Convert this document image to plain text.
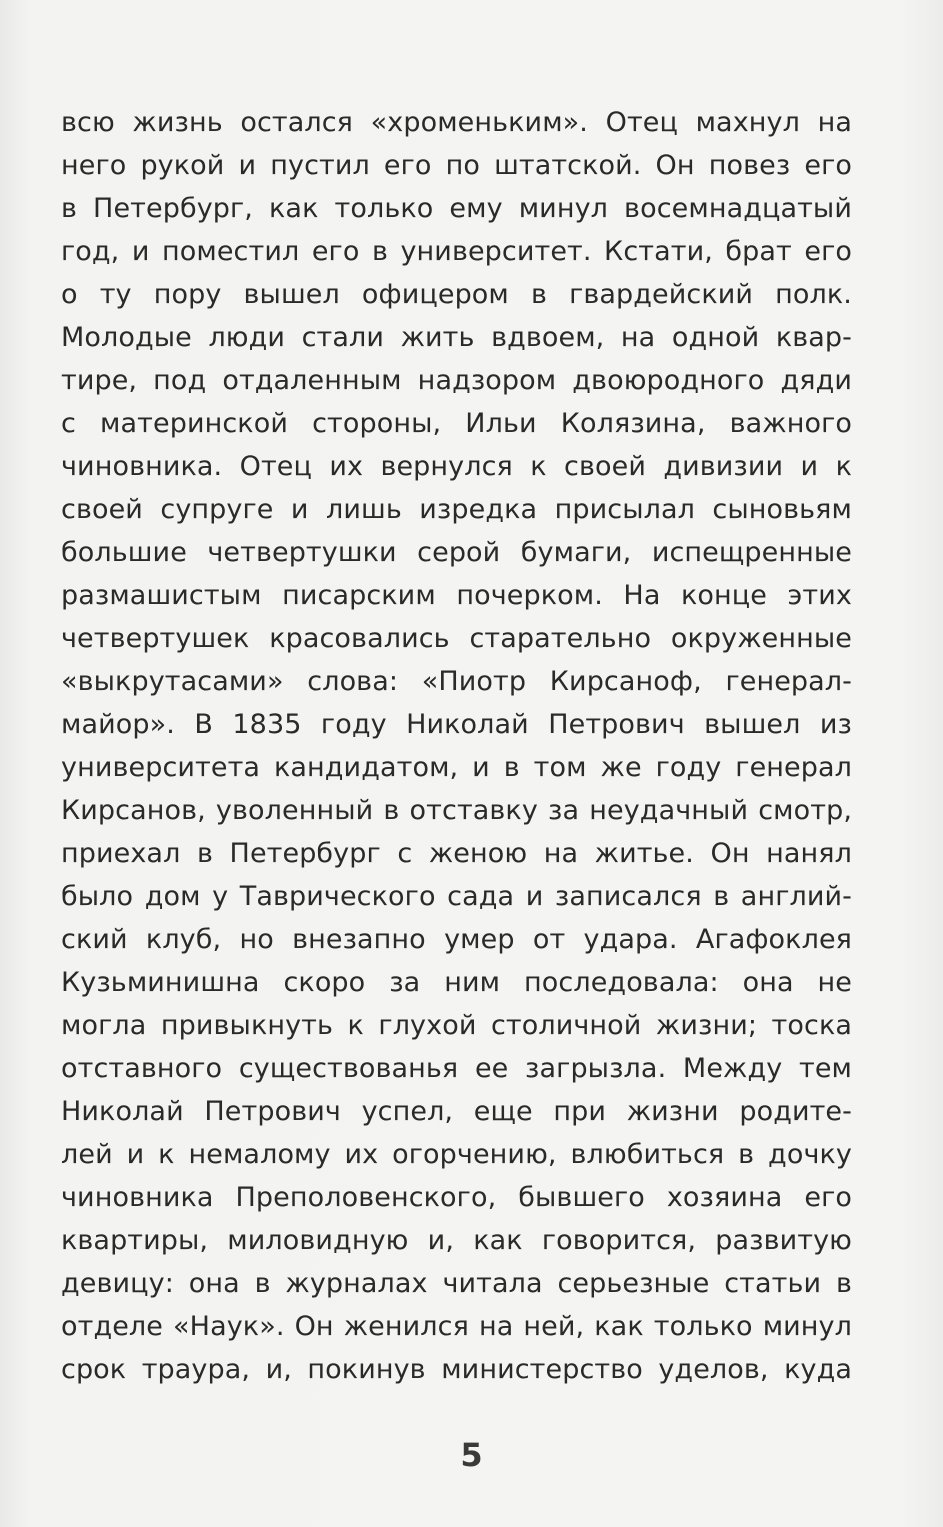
всю жизнь остался «хроменьким». Отец махнул на
него рукой и пустил его по штатской. Он повез его
в Петербург, как только ему минул восемнадцатый
год, и поместил его в университет. Кстати, брат его
о ту пору вышел офицером в гвардейский полк.
Молодые люди стали жить вдвоем, на одной квар-
тире, под отдаленным надзором двоюродного дяди
с материнской стороны, Ильи Колязина, важного
чиновника. Отец их вернулся к своей дивизии и к
своей супруге и лишь изредка присылал сыновьям
большие четвертушки серой бумаги, испещренные
размашистым писарским почерком. На конце этих
четвертушек красовались старательно окруженные
«выкрутасами» слова: «Пиотр Кирсаноф, генерал-
майор». В 1835 году Николай Петрович вышел из
университета кандидатом, и в том же году генерал
Кирсанов, уволенный в отставку за неудачный смотр,
приехал в Петербург с женою на житье. Он нанял
было дом у Таврического сада и записался в англий-
ский клуб, но внезапно умер от удара. Агафоклея
Кузьминишна скоро за ним последовала: она не
могла привыкнуть к глухой столичной жизни; тоска
отставного существованья ее загрызла. Между тем
Николай Петрович успел, еще при жизни родите-
лей и к немалому их огорчению, влюбиться в дочку
чиновника Преполовенского, бывшего хозяина его
квартиры, миловидную и, как говорится, развитую
девицу: она в журналах читала серьезные статьи в
отделе «Наук». Он женился на ней, как только минул
срок траура, и, покинув министерство уделов, куда
5
